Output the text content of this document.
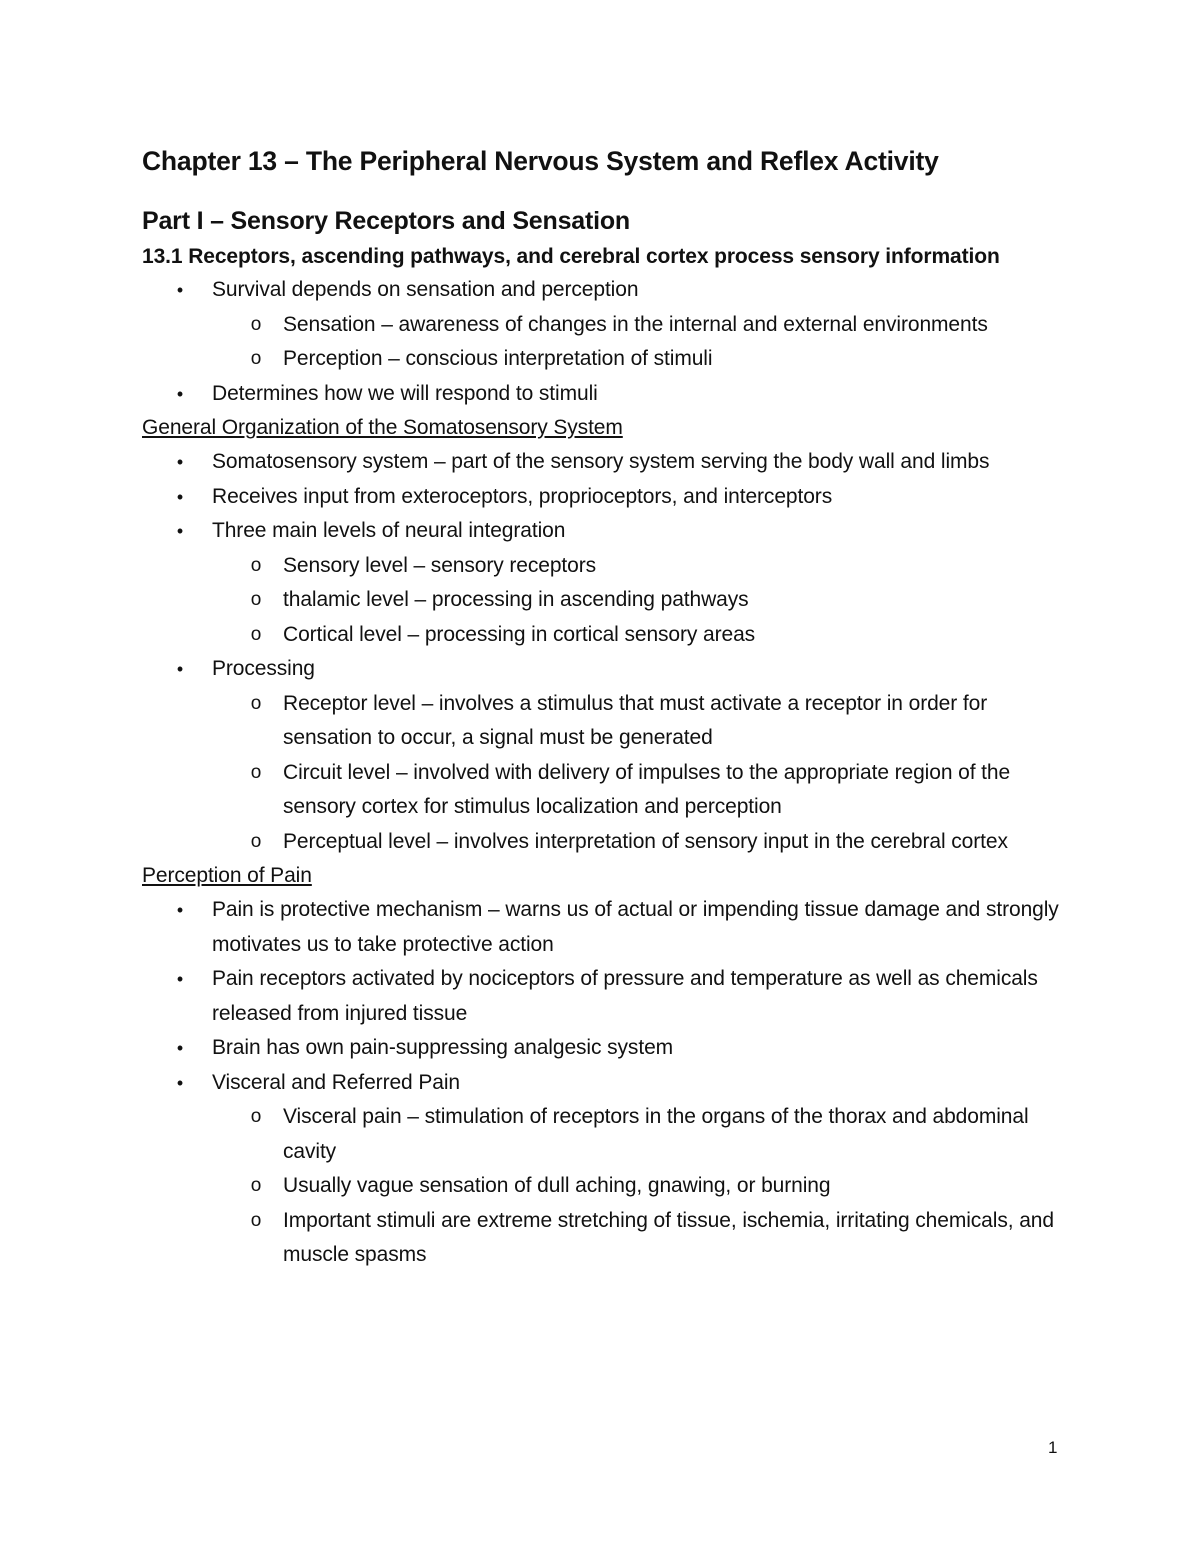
Chapter 13 – The Peripheral Nervous System and Reflex Activity
Part I – Sensory Receptors and Sensation
13.1 Receptors, ascending pathways, and cerebral cortex process sensory information
• Survival depends on sensation and perception
o Sensation – awareness of changes in the internal and external environments
o Perception – conscious interpretation of stimuli
• Determines how we will respond to stimuli
General Organization of the Somatosensory System
• Somatosensory system – part of the sensory system serving the body wall and limbs
• Receives input from exteroceptors, proprioceptors, and interceptors
• Three main levels of neural integration
o Sensory level – sensory receptors
o thalamic level – processing in ascending pathways
o Cortical level – processing in cortical sensory areas
• Processing
o Receptor level – involves a stimulus that must activate a receptor in order for sensation to occur, a signal must be generated
o Circuit level – involved with delivery of impulses to the appropriate region of the sensory cortex for stimulus localization and perception
o Perceptual level – involves interpretation of sensory input in the cerebral cortex
Perception of Pain
• Pain is protective mechanism – warns us of actual or impending tissue damage and strongly motivates us to take protective action
• Pain receptors activated by nociceptors of pressure and temperature as well as chemicals released from injured tissue
• Brain has own pain-suppressing analgesic system
• Visceral and Referred Pain
o Visceral pain – stimulation of receptors in the organs of the thorax and abdominal cavity
o Usually vague sensation of dull aching, gnawing, or burning
o Important stimuli are extreme stretching of tissue, ischemia, irritating chemicals, and muscle spasms
1
